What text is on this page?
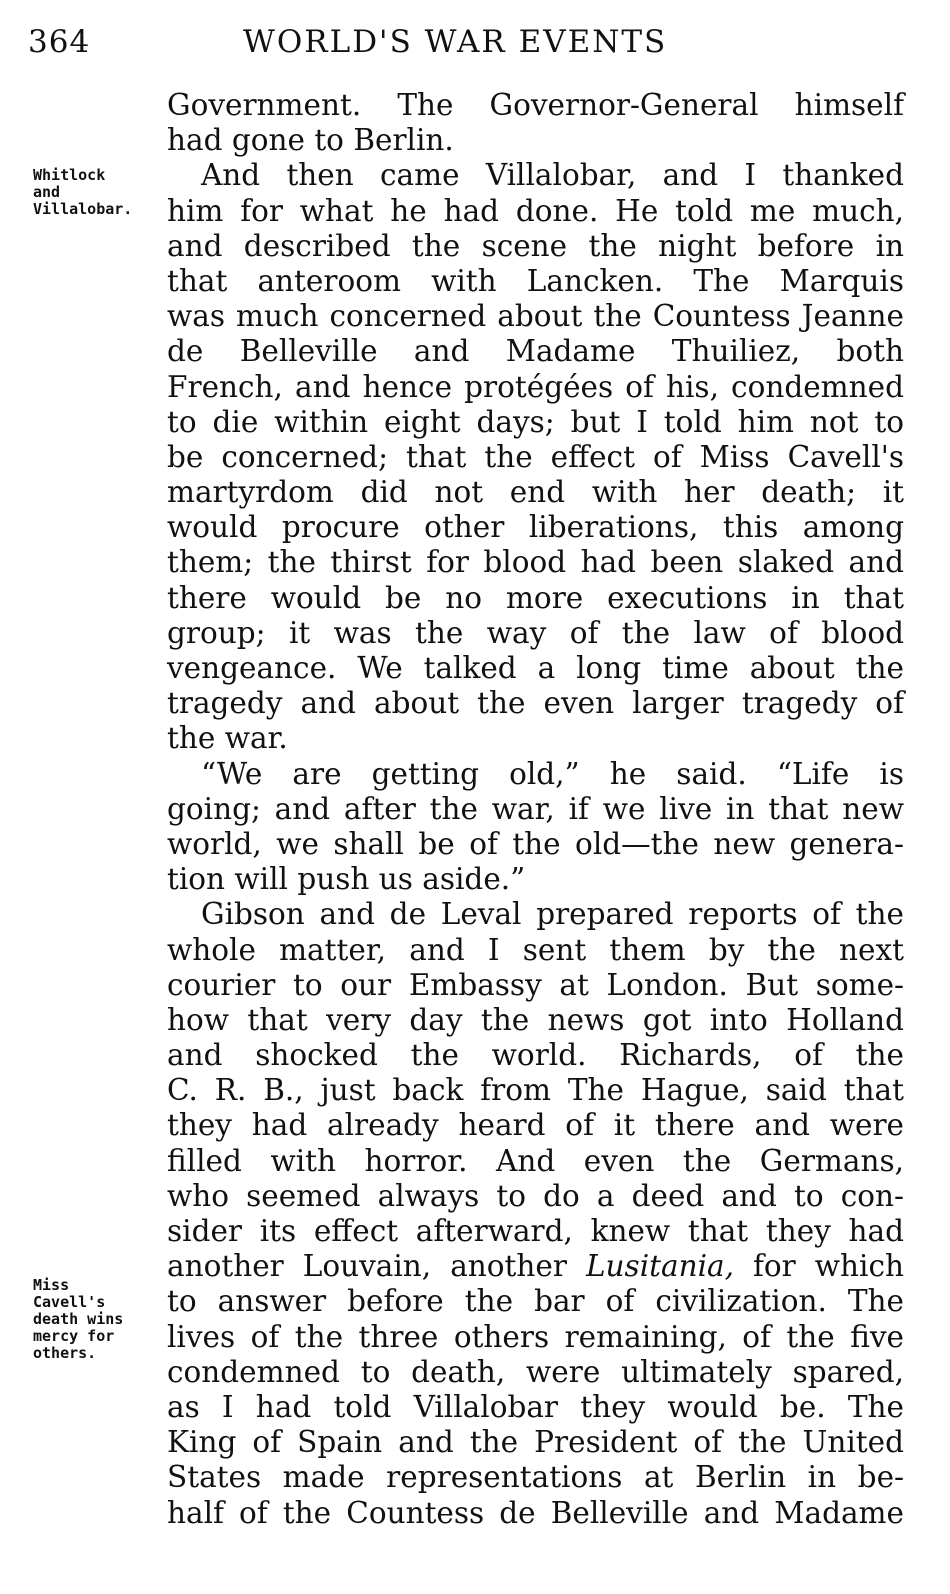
364	WORLD'S WAR EVENTS
Whitlock
and
Villalobar.
Miss
Cavell's
death wins
mercy for
others.
Government. The Governor-General himself
had gone to Berlin.
And then came Villalobar, and I thanked
him for what he had done. He told me much,
and described the scene the night before in
that anteroom with Lancken. The Marquis
was much concerned about the Countess Jeanne
de Belleville and Madame Thuiliez, both
French, and hence protégées of his, condemned
to die within eight days; but I told him not to
be concerned; that the effect of Miss Cavell's
martyrdom did not end with her death; it
would procure other liberations, this among
them; the thirst for blood had been slaked and
there would be no more executions in that
group; it was the way of the law of blood
vengeance. We talked a long time about the
tragedy and about the even larger tragedy of
the war.
“We are getting old,” he said. “Life is
going; and after the war, if we live in that new
world, we shall be of the old—the new genera-
tion will push us aside.”
Gibson and de Leval prepared reports of the
whole matter, and I sent them by the next
courier to our Embassy at London. But some-
how that very day the news got into Holland
and shocked the world. Richards, of the
C. R. B., just back from The Hague, said that
they had already heard of it there and were
filled with horror. And even the Germans,
who seemed always to do a deed and to con-
sider its effect afterward, knew that they had
another Louvain, another Lusitania, for which
to answer before the bar of civilization. The
lives of the three others remaining, of the five
condemned to death, were ultimately spared,
as I had told Villalobar they would be. The
King of Spain and the President of the United
States made representations at Berlin in be-
half of the Countess de Belleville and Madame
